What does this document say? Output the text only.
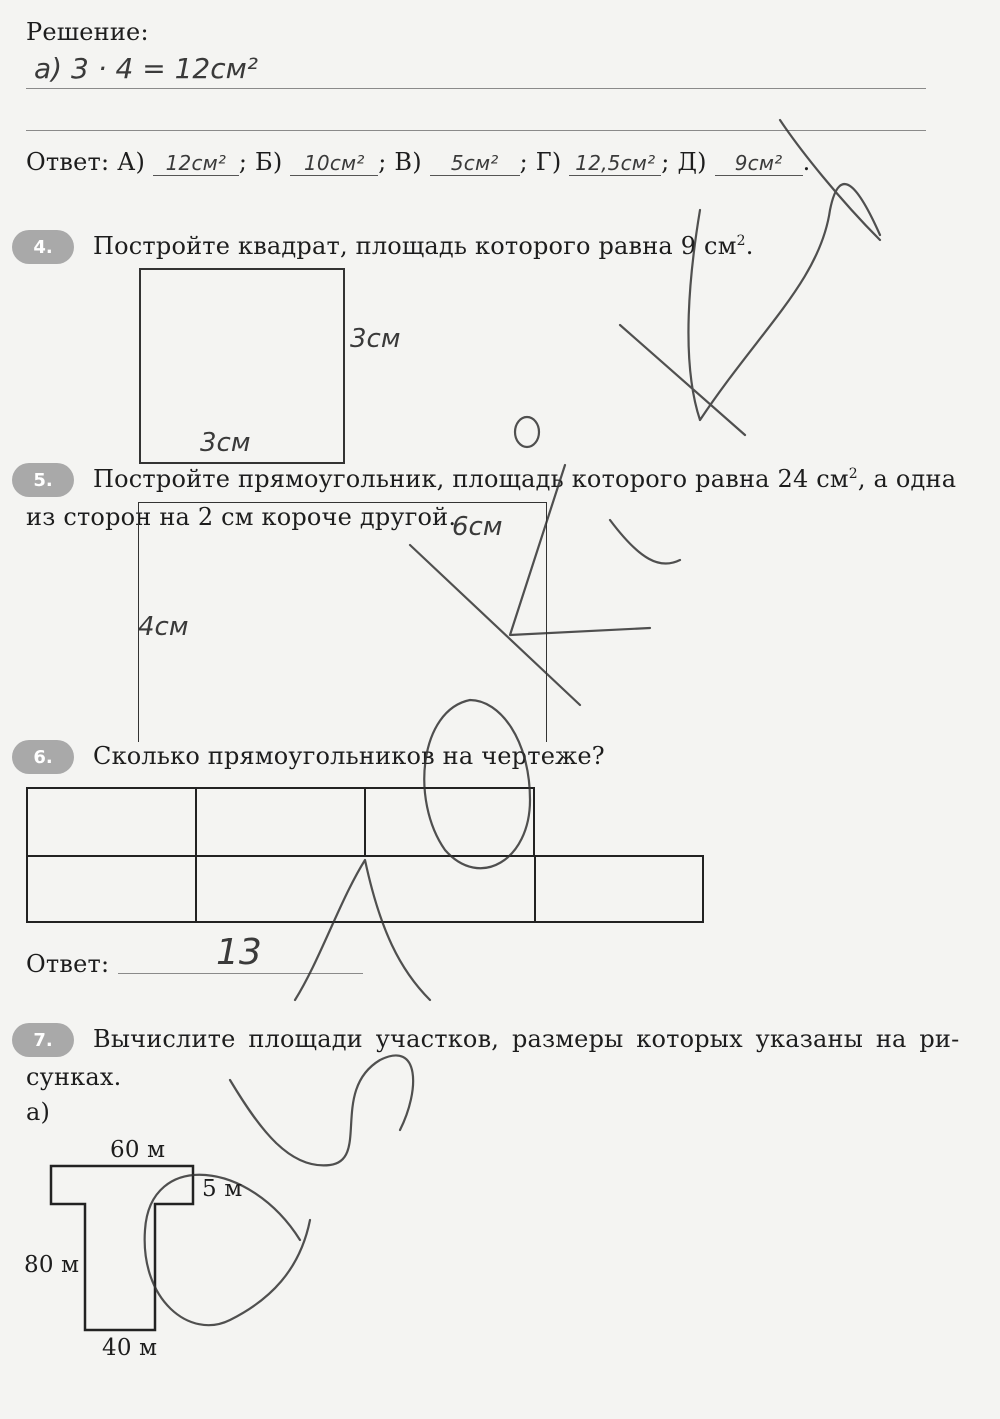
Решение:
а) 3 · 4 = 12см²
Ответ: А) 12см² ; Б) 10см² ; В) 5см² ; Г) 12,5см² ; Д) 9см² .
4.	Постройте квадрат, площадь которого равна 9 $см^2$.
3см
3см
5.	Постройте прямоугольник, площадь которого равна 24 $см^2$, а одна
из сторон на 2 см короче другой.
6см
4см
6.	Сколько прямоугольников на чертеже?
Ответ:	13
7.	Вычислите площади участков, размеры которых указаны на ри-
сунках.
а)
60 м
5 м
80 м
40 м
